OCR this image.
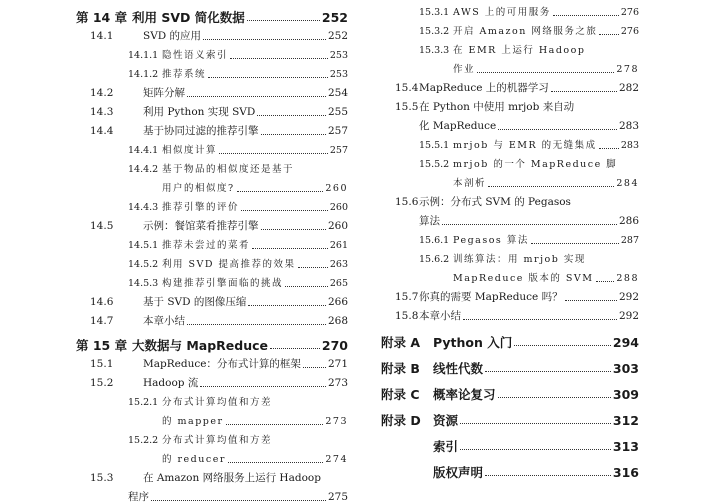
第 14 章 利用 SVD 简化数据	252
14.1	SVD 的应用	252
14.1.1 隐性语义索引	253
14.1.2 推荐系统	253
14.2	矩阵分解	254
14.3	利用 Python 实现 SVD	255
14.4	基于协同过滤的推荐引擎	257
14.4.1 相似度计算	257
14.4.2 基于物品的相似度还是基于
用户的相似度?	260
14.4.3 推荐引擎的评价	260
14.5	示例：餐馆菜肴推荐引擎	260
14.5.1 推荐未尝过的菜肴	261
14.5.2 利用 SVD 提高推荐的效果	263
14.5.3 构建推荐引擎面临的挑战	265
14.6	基于 SVD 的图像压缩	266
14.7	本章小结	268
第 15 章 大数据与 MapReduce	270
15.1	MapReduce：分布式计算的框架	271
15.2	Hadoop 流	273
15.2.1 分布式计算均值和方差
的 mapper	273
15.2.2 分布式计算均值和方差
的 reducer	274
15.3	在 Amazon 网络服务上运行 Hadoop
程序	275
15.3.1 AWS 上的可用服务	276
15.3.2 开启 Amazon 网络服务之旅 276
15.3.3 在 EMR 上运行 Hadoop
作业	278
15.4 MapReduce 上的机器学习	282
15.5 在 Python 中使用 mrjob 来自动
化 MapReduce	283
15.5.1 mrjob 与 EMR 的无缝集成	283
15.5.2 mrjob 的一个 MapReduce 脚
本剖析	284
15.6 示例：分布式 SVM 的 Pegasos
算法	286
15.6.1 Pegasos 算法	287
15.6.2 训练算法：用 mrjob 实现
MapReduce 版本的 SVM 288
15.7 你真的需要 MapReduce 吗？	292
15.8 本章小结	292
附录 A	Python 入门	294
附录 B	线性代数	303
附录 C	概率论复习	309
附录 D 资源	312
索引	313
版权声明	316
